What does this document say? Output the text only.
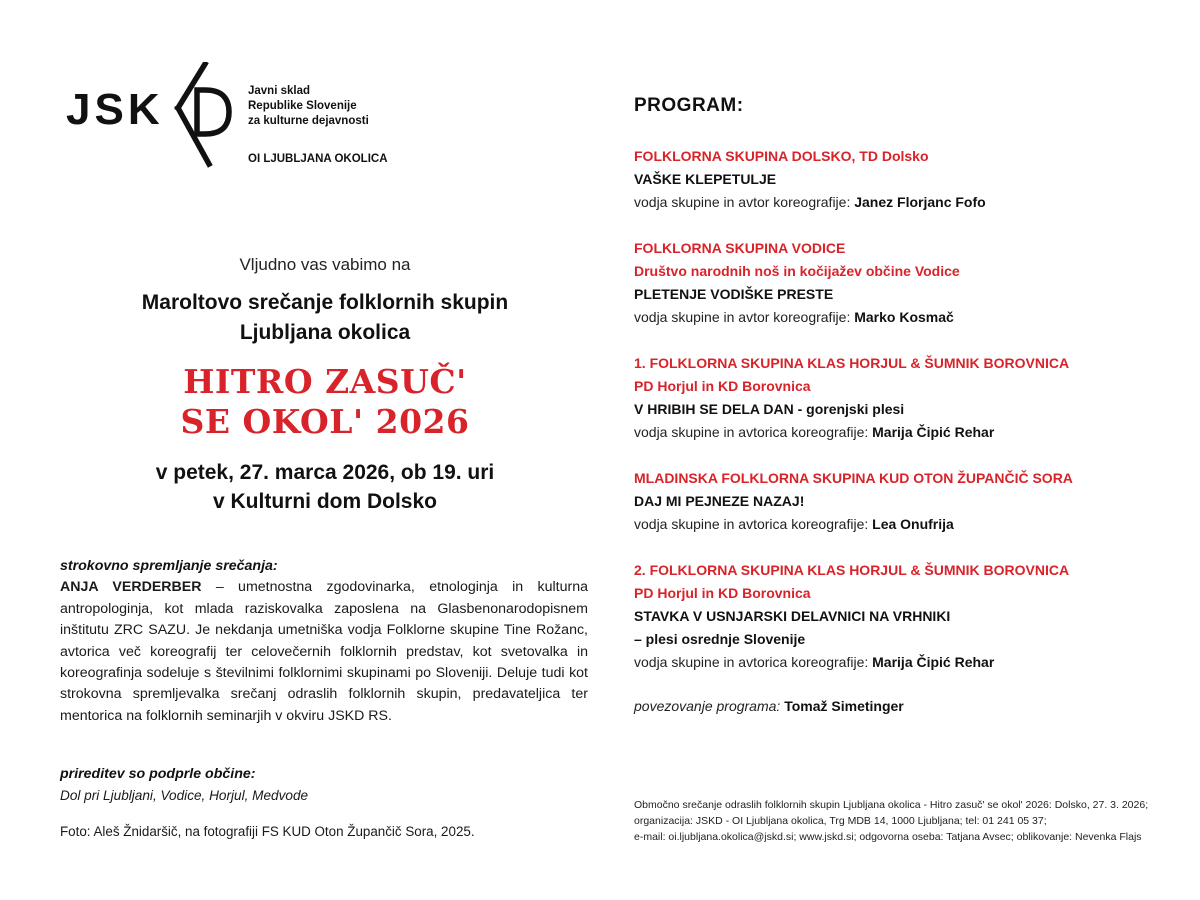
JSK	Javni sklad
Republike Slovenije
za kulturne dejavnosti
OI LJUBLJANA OKOLICA
Vljudno vas vabimo na
Maroltovo srečanje folklornih skupin
Ljubljana okolica
HITRO ZASUČ'
SE OKOL' 2026
v petek, 27. marca 2026, ob 19. uri
v Kulturni dom Dolsko
strokovno spremljanje srečanja:
ANJA VERDERBER – umetnostna zgodovinarka, etnologinja in kulturna antropologinja, kot mlada raziskovalka zaposlena na Glasbenonarodopisnem inštitutu ZRC SAZU. Je nekdanja umetniška vodja Folklorne skupine Tine Rožanc, avtorica več koreografij ter celovečernih folklornih predstav, kot svetovalka in koreografinja sodeluje s številnimi folklornimi skupinami po Sloveniji. Deluje tudi kot strokovna spremljevalka srečanj odraslih folklornih skupin, predavateljica ter mentorica na folklornih seminarjih v okviru JSKD RS.
prireditev so podprle občine:
Dol pri Ljubljani, Vodice, Horjul, Medvode
Foto: Aleš Žnidaršič, na fotografiji FS KUD Oton Župančič Sora, 2025.
PROGRAM:
FOLKLORNA SKUPINA DOLSKO, TD Dolsko
VAŠKE KLEPETULJE
vodja skupine in avtor koreografije: Janez Florjanc Fofo
FOLKLORNA SKUPINA VODICE
Društvo narodnih noš in kočijažev občine Vodice
PLETENJE VODIŠKE PRESTE
vodja skupine in avtor koreografije: Marko Kosmač
1. FOLKLORNA SKUPINA KLAS HORJUL & ŠUMNIK BOROVNICA
PD Horjul in KD Borovnica
V HRIBIH SE DELA DAN - gorenjski plesi
vodja skupine in avtorica koreografije: Marija Čipić Rehar
MLADINSKA FOLKLORNA SKUPINA KUD OTON ŽUPANČIČ SORA
DAJ MI PEJNEZE NAZAJ!
vodja skupine in avtorica koreografije: Lea Onufrija
2. FOLKLORNA SKUPINA KLAS HORJUL & ŠUMNIK BOROVNICA
PD Horjul in KD Borovnica
STAVKA V USNJARSKI DELAVNICI NA VRHNIKI
– plesi osrednje Slovenije
vodja skupine in avtorica koreografije: Marija Čipić Rehar
povezovanje programa: Tomaž Simetinger
Območno srečanje odraslih folklornih skupin Ljubljana okolica - Hitro zasuč' se okol' 2026: Dolsko, 27. 3. 2026;
organizacija: JSKD - OI Ljubljana okolica, Trg MDB 14, 1000 Ljubljana; tel: 01 241 05 37;
e-mail: oi.ljubljana.okolica@jskd.si; www.jskd.si; odgovorna oseba: Tatjana Avsec; oblikovanje: Nevenka Flajs
